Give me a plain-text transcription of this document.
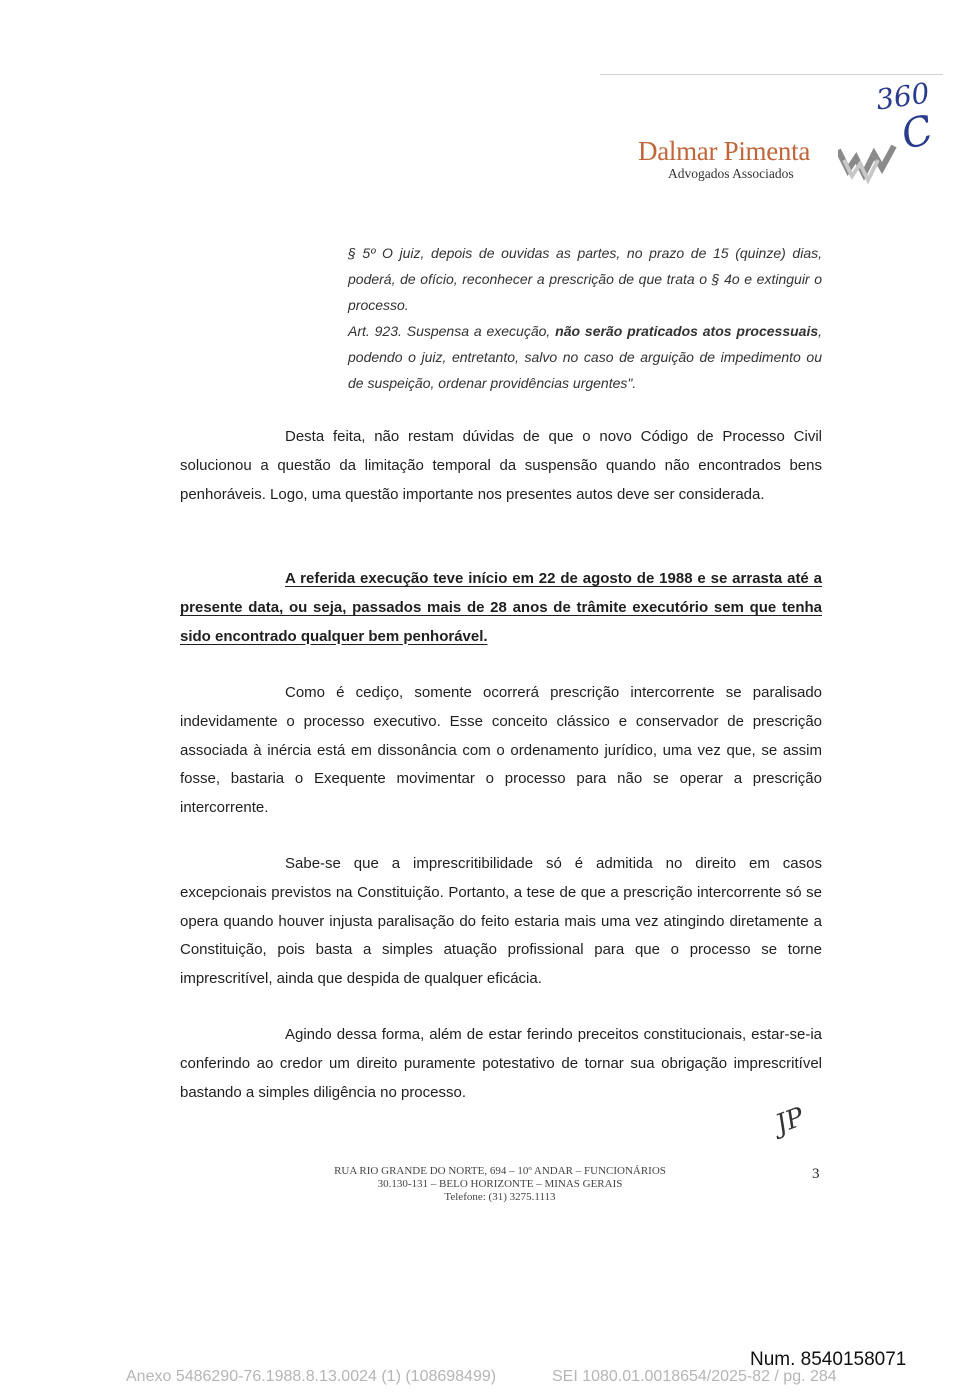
360
C
Dalmar Pimenta
Advogados Associados
§ 5º O juiz, depois de ouvidas as partes, no prazo de 15 (quinze) dias, poderá, de ofício, reconhecer a prescrição de que trata o § 4o e extinguir o processo.
Art. 923. Suspensa a execução, não serão praticados atos processuais, podendo o juiz, entretanto, salvo no caso de arguição de impedimento ou de suspeição, ordenar providências urgentes".
Desta feita, não restam dúvidas de que o novo Código de Processo Civil solucionou a questão da limitação temporal da suspensão quando não encontrados bens penhoráveis. Logo, uma questão importante nos presentes autos deve ser considerada.
A referida execução teve início em 22 de agosto de 1988 e se arrasta até a presente data, ou seja, passados mais de 28 anos de trâmite executório sem que tenha sido encontrado qualquer bem penhorável.
Como é cediço, somente ocorrerá prescrição intercorrente se paralisado indevidamente o processo executivo. Esse conceito clássico e conservador de prescrição associada à inércia está em dissonância com o ordenamento jurídico, uma vez que, se assim fosse, bastaria o Exequente movimentar o processo para não se operar a prescrição intercorrente.
Sabe-se que a imprescritibilidade só é admitida no direito em casos excepcionais previstos na Constituição. Portanto, a tese de que a prescrição intercorrente só se opera quando houver injusta paralisação do feito estaria mais uma vez atingindo diretamente a Constituição, pois basta a simples atuação profissional para que o processo se torne imprescritível, ainda que despida de qualquer eficácia.
Agindo dessa forma, além de estar ferindo preceitos constitucionais, estar-se-ia conferindo ao credor um direito puramente potestativo de tornar sua obrigação imprescritível bastando a simples diligência no processo.
JP
RUA RIO GRANDE DO NORTE, 694 – 10º ANDAR – FUNCIONÁRIOS
30.130-131 – BELO HORIZONTE – MINAS GERAIS
Telefone: (31) 3275.1113
3
Num. 8540158071
Anexo 5486290-76.1988.8.13.0024 (1) (108698499)	SEI 1080.01.0018654/2025-82 / pg. 284
